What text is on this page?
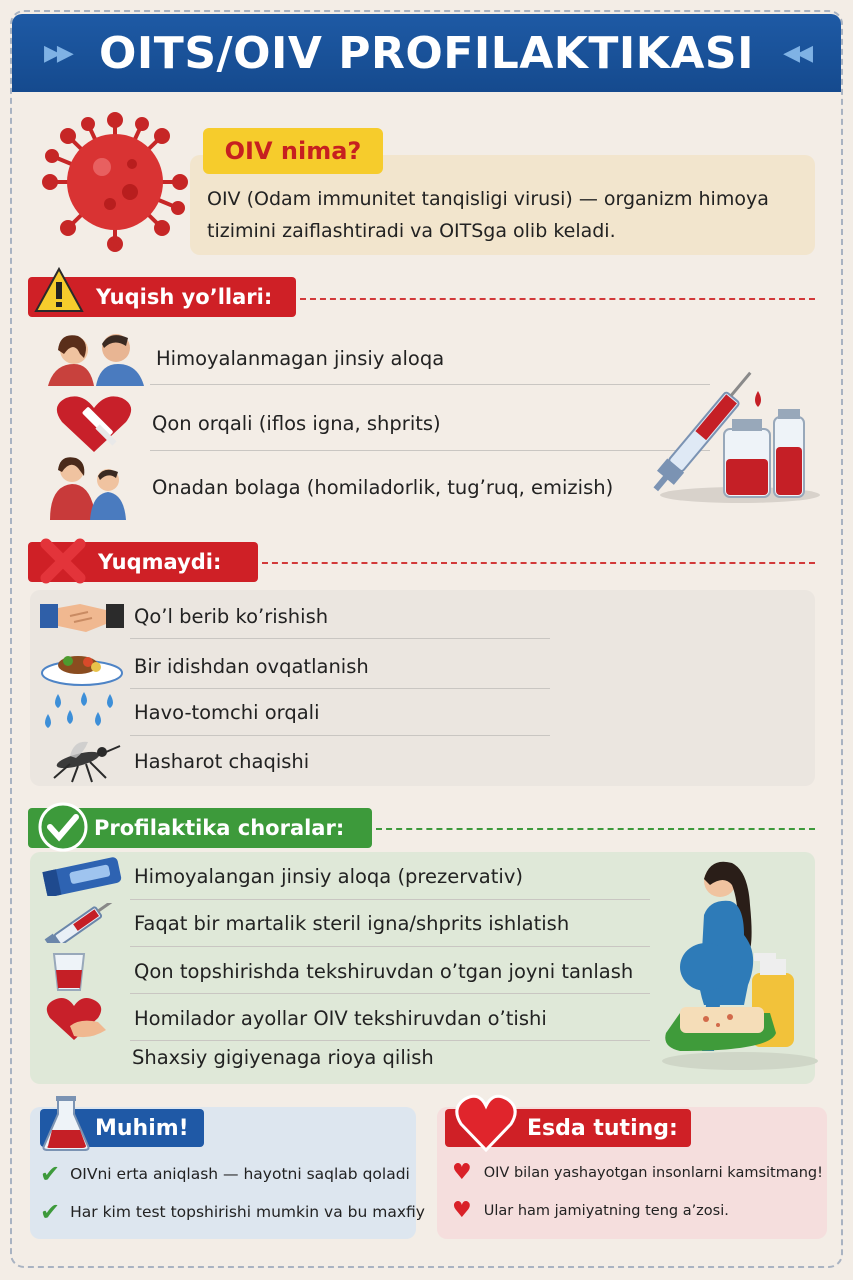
▶▶ OITS/OIV PROFILAKTIKASI ◀◀
OIV nima?
OIV (Odam immunitet tanqisligi virusi) — organizm himoya tizimini zaiflashtiradi va OITSga olib keladi.
Yuqish yo’llari:
Himoyalanmagan jinsiy aloqa
Qon orqali (iflos igna, shprits)
Onadan bolaga (homiladorlik, tug’ruq, emizish)
Yuqmaydi:
Qo’l berib ko’rishish
Bir idishdan ovqatlanish
Havo-tomchi orqali
Hasharot chaqishi
Profilaktika choralar:
Himoyalangan jinsiy aloqa (prezervativ)
Faqat bir martalik steril igna/shprits ishlatish
Qon topshirishda tekshiruvdan o’tgan joyni tanlash
Homilador ayollar OIV tekshiruvdan o’tishi
Shaxsiy gigiyenaga rioya qilish
Muhim!
✔ OIVni erta aniqlash — hayotni saqlab qoladi
✔ Har kim test topshirishi mumkin va bu maxfiy
Esda tuting:
♥ OIV bilan yashayotgan insonlarni kamsitmang!
♥ Ular ham jamiyatning teng a’zosi.
